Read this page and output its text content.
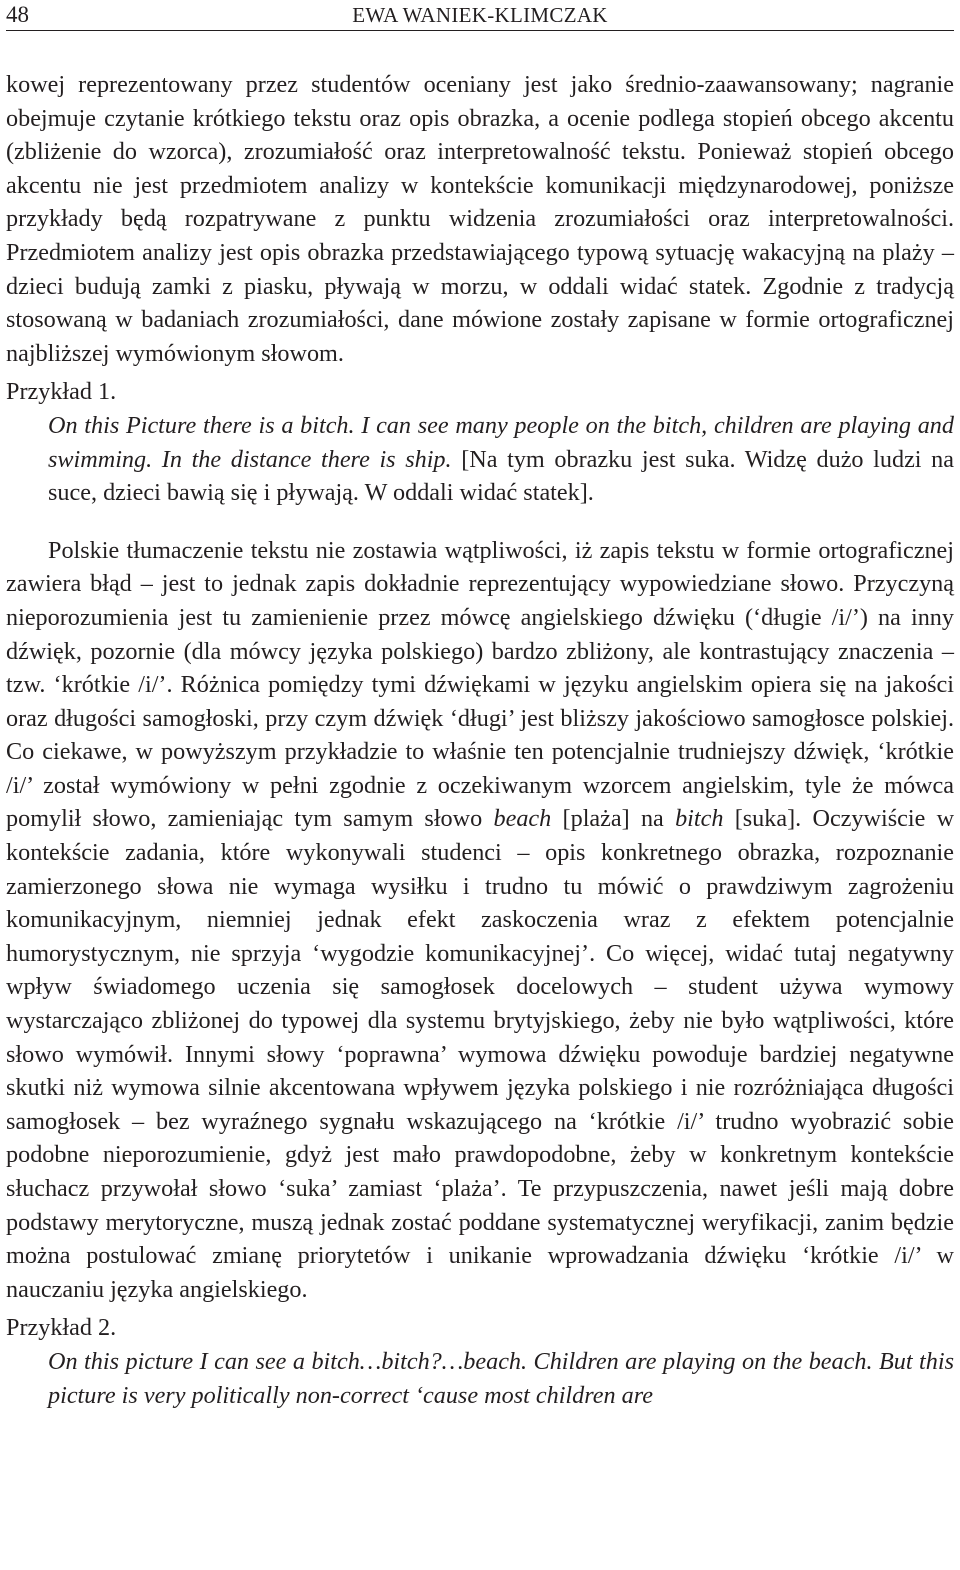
48	EWA WANIEK-KLIMCZAK

kowej reprezentowany przez studentów oceniany jest jako średnio-zaawansowany; nagranie obejmuje czytanie krótkiego tekstu oraz opis obrazka, a ocenie podlega stopień obcego akcentu (zbliżenie do wzorca), zrozumiałość oraz interpretowalność tekstu. Ponieważ stopień obcego akcentu nie jest przedmiotem analizy w kontekście komunikacji międzynarodowej, poniższe przykłady będą rozpatrywane z punktu widzenia zrozumiałości oraz interpretowalności. Przedmiotem analizy jest opis obrazka przedstawiającego typową sytuację wakacyjną na plaży – dzieci budują zamki z piasku, pływają w morzu, w oddali widać statek. Zgodnie z tradycją stosowaną w badaniach zrozumiałości, dane mówione zostały zapisane w formie ortograficznej najbliższej wymówionym słowom.

Przykład 1.

On this Picture there is a bitch. I can see many people on the bitch, children are playing and swimming. In the distance there is ship. [Na tym obrazku jest suka. Widzę dużo ludzi na suce, dzieci bawią się i pływają. W oddali widać statek].

Polskie tłumaczenie tekstu nie zostawia wątpliwości, iż zapis tekstu w formie ortograficznej zawiera błąd – jest to jednak zapis dokładnie reprezentujący wypowiedziane słowo. Przyczyną nieporozumienia jest tu zamienienie przez mówcę angielskiego dźwięku (‘długie /i/’) na inny dźwięk, pozornie (dla mówcy języka polskiego) bardzo zbliżony, ale kontrastujący znaczenia – tzw. ‘krótkie /i/’. Różnica pomiędzy tymi dźwiękami w języku angielskim opiera się na jakości oraz długości samogłoski, przy czym dźwięk ‘długi’ jest bliższy jakościowo samogłosce polskiej. Co ciekawe, w powyższym przykładzie to właśnie ten potencjalnie trudniejszy dźwięk, ‘krótkie /i/’ został wymówiony w pełni zgodnie z oczekiwanym wzorcem angielskim, tyle że mówca pomylił słowo, zamieniając tym samym słowo beach [plaża] na bitch [suka]. Oczywiście w kontekście zadania, które wykonywali studenci – opis konkretnego obrazka, rozpoznanie zamierzonego słowa nie wymaga wysiłku i trudno tu mówić o prawdziwym zagrożeniu komunikacyjnym, niemniej jednak efekt zaskoczenia wraz z efektem potencjalnie humorystycznym, nie sprzyja ‘wygodzie komunikacyjnej’. Co więcej, widać tutaj negatywny wpływ świadomego uczenia się samogłosek docelowych – student używa wymowy wystarczająco zbliżonej do typowej dla systemu brytyjskiego, żeby nie było wątpliwości, które słowo wymówił. Innymi słowy ‘poprawna’ wymowa dźwięku powoduje bardziej negatywne skutki niż wymowa silnie akcentowana wpływem języka polskiego i nie rozróżniająca długości samogłosek – bez wyraźnego sygnału wskazującego na ‘krótkie /i/’ trudno wyobrazić sobie podobne nieporozumienie, gdyż jest mało prawdopodobne, żeby w konkretnym kontekście słuchacz przywołał słowo ‘suka’ zamiast ‘plaża’. Te przypuszczenia, nawet jeśli mają dobre podstawy merytoryczne, muszą jednak zostać poddane systematycznej weryfikacji, zanim będzie można postulować zmianę priorytetów i unikanie wprowadzania dźwięku ‘krótkie /i/’ w nauczaniu języka angielskiego.

Przykład 2.

On this picture I can see a bitch…bitch?…beach. Children are playing on the beach. But this picture is very politically non-correct ‘cause most children are
